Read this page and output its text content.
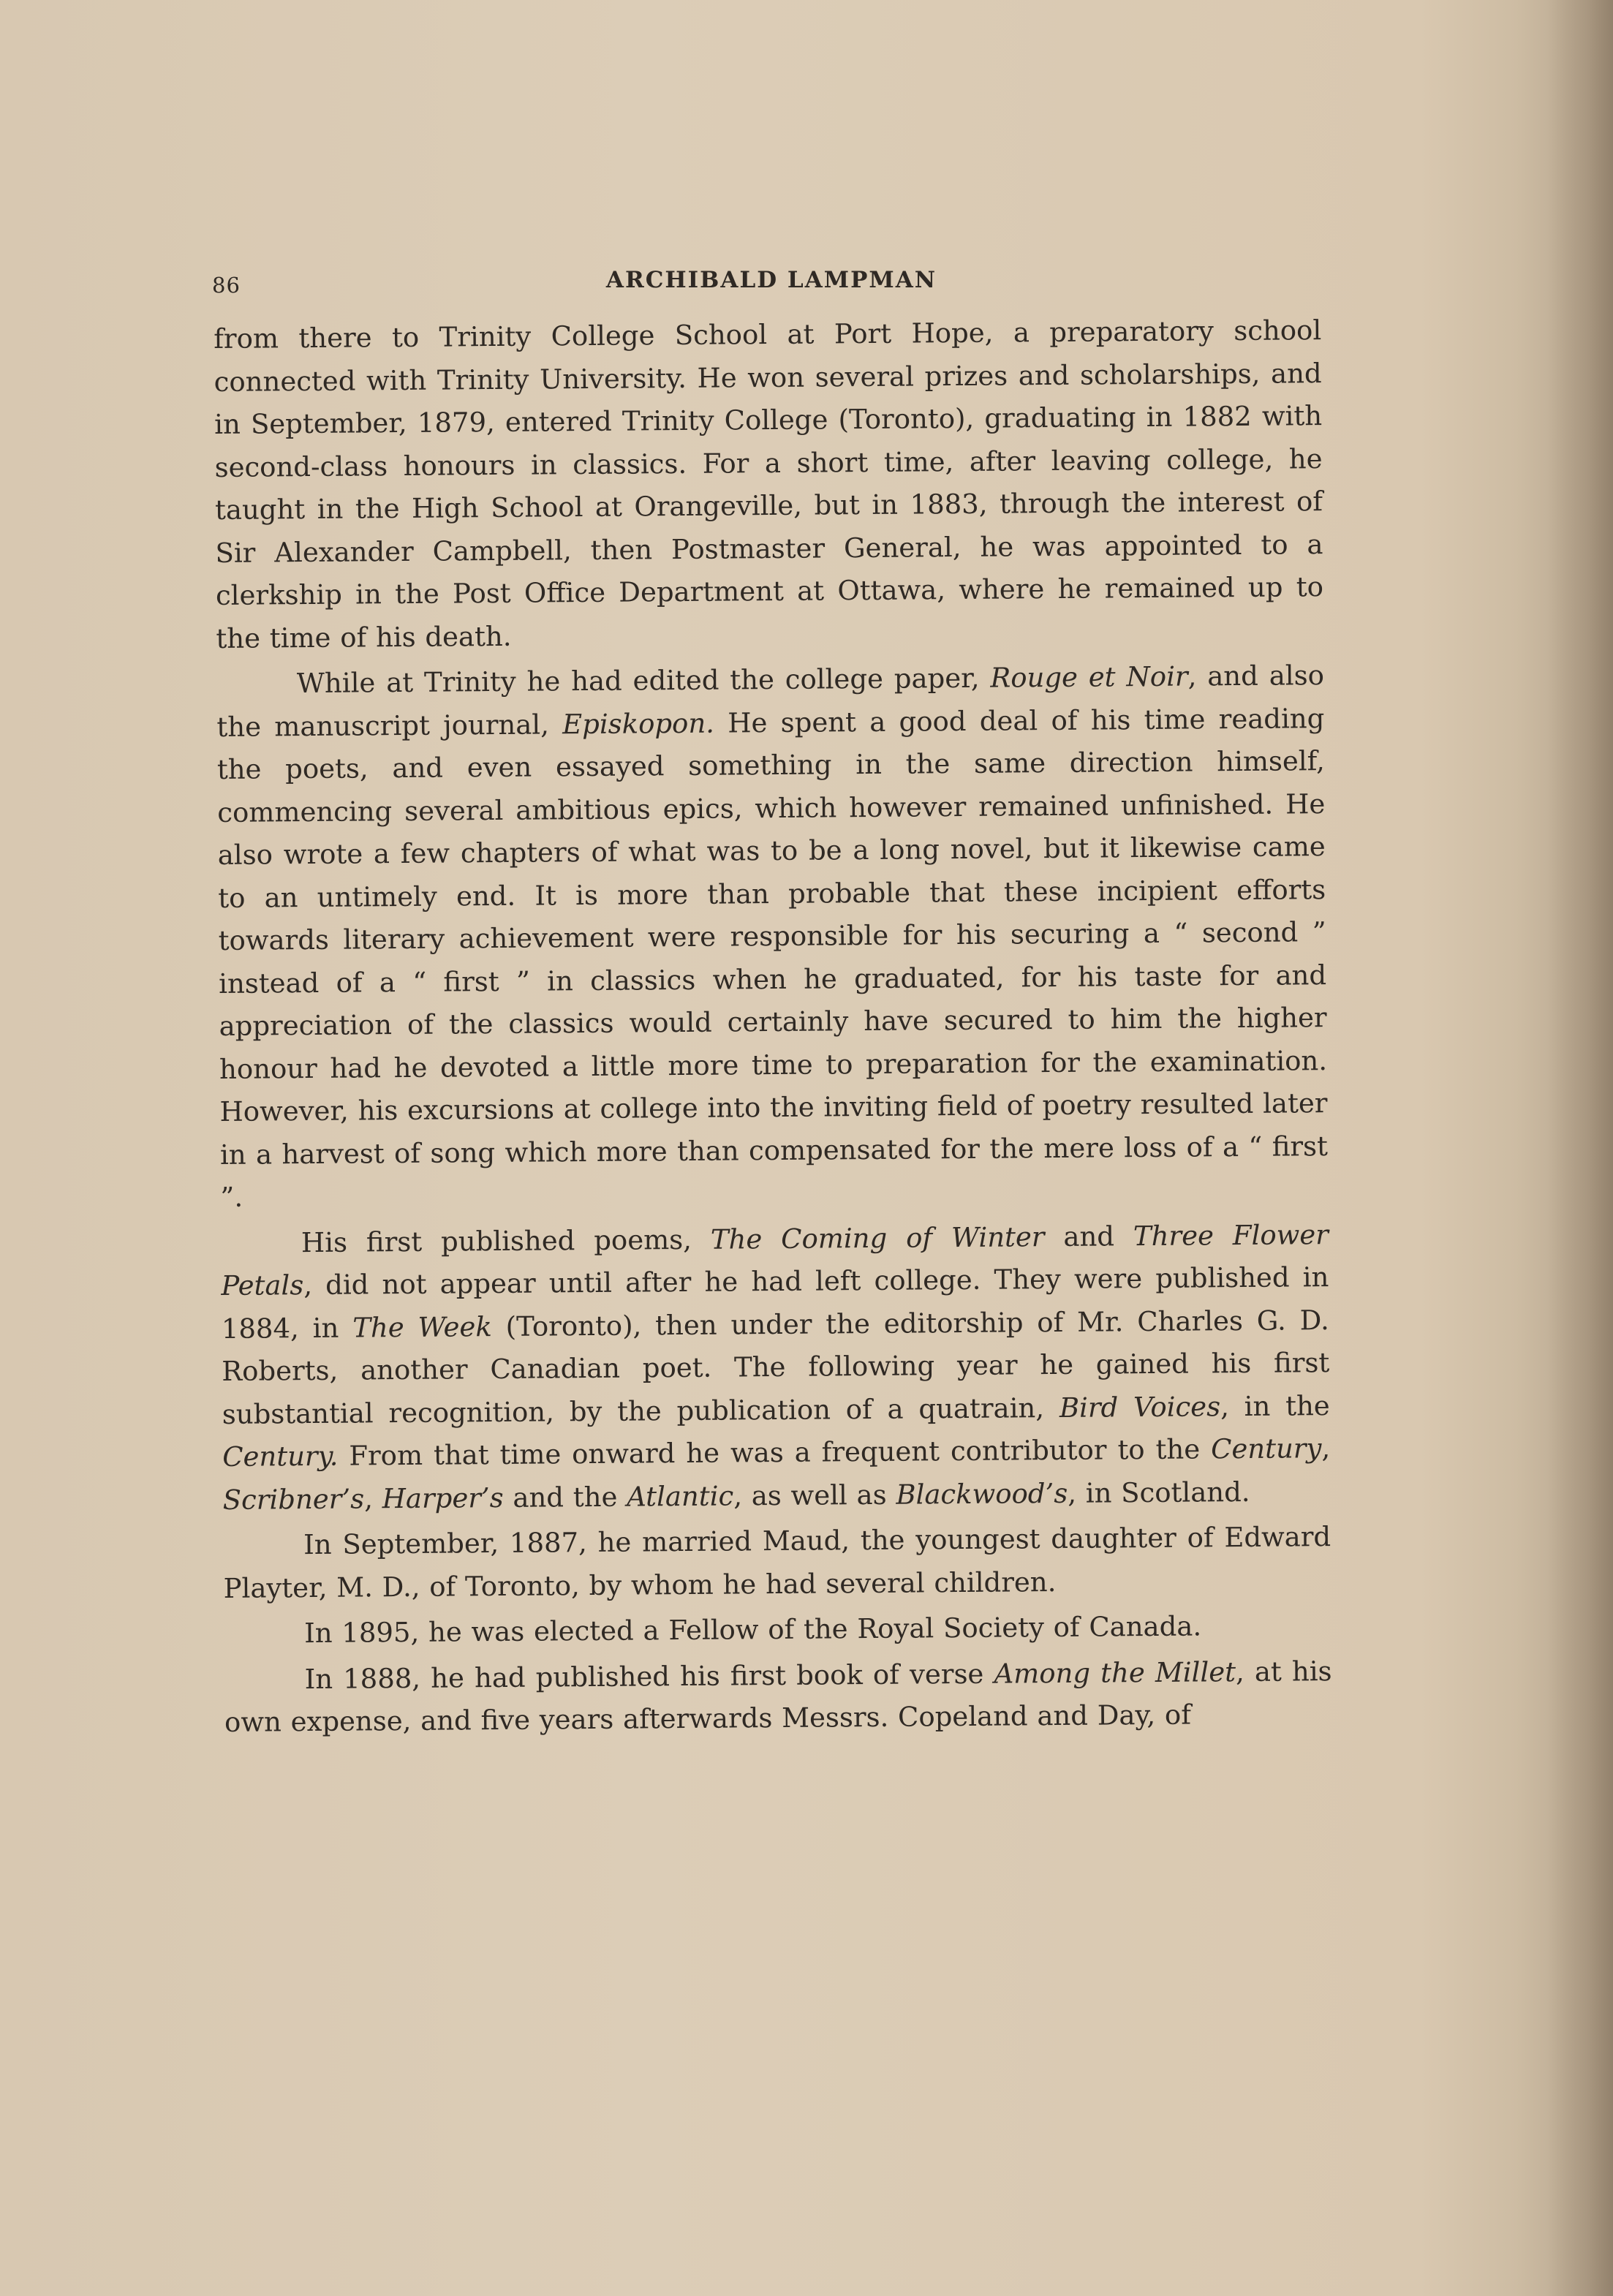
86	ARCHIBALD LAMPMAN

from there to Trinity College School at Port Hope, a preparatory school connected with Trinity University. He won several prizes and scholarships, and in September, 1879, entered Trinity College (Toronto), graduating in 1882 with second-class honours in classics. For a short time, after leaving college, he taught in the High School at Orangeville, but in 1883, through the interest of Sir Alexander Campbell, then Postmaster General, he was appointed to a clerkship in the Post Office Department at Ottawa, where he remained up to the time of his death.

While at Trinity he had edited the college paper, Rouge et Noir, and also the manuscript journal, Episkopon. He spent a good deal of his time reading the poets, and even essayed something in the same direction himself, commencing several ambitious epics, which however remained unfinished. He also wrote a few chapters of what was to be a long novel, but it likewise came to an untimely end. It is more than probable that these incipient efforts towards literary achievement were responsible for his securing a “ second ” instead of a “ first ” in classics when he graduated, for his taste for and appreciation of the classics would certainly have secured to him the higher honour had he devoted a little more time to preparation for the examination. However, his excursions at college into the inviting field of poetry resulted later in a harvest of song which more than compensated for the mere loss of a “ first ”.

His first published poems, The Coming of Winter and Three Flower Petals, did not appear until after he had left college. They were published in 1884, in The Week (Toronto), then under the editorship of Mr. Charles G. D. Roberts, another Canadian poet. The following year he gained his first substantial recognition, by the publication of a quatrain, Bird Voices, in the Century. From that time onward he was a frequent contributor to the Century, Scribner’s, Harper’s and the Atlantic, as well as Blackwood’s, in Scotland.

In September, 1887, he married Maud, the youngest daughter of Edward Playter, M. D., of Toronto, by whom he had several children.

In 1895, he was elected a Fellow of the Royal Society of Canada.

In 1888, he had published his first book of verse Among the Millet, at his own expense, and five years afterwards Messrs. Copeland and Day, of
